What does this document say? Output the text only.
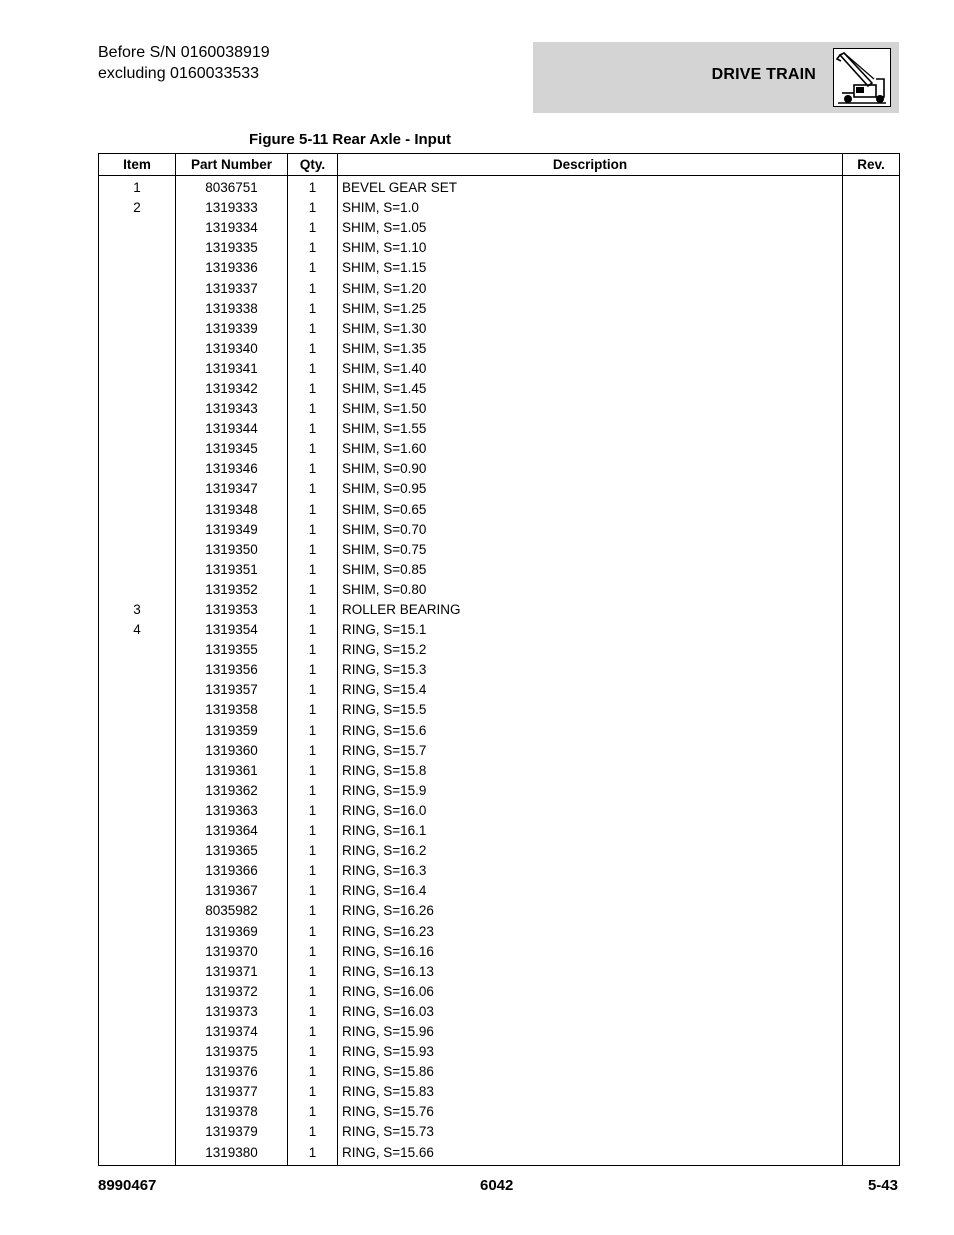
Before S/N 0160038919
excluding 0160033533	DRIVE TRAIN
Figure 5-11 Rear Axle - Input
Item	Part Number	Qty.	Description	Rev.
1	8036751	1	BEVEL GEAR SET	
2	1319333	1	SHIM, S=1.0	
	1319334	1	SHIM, S=1.05	
	1319335	1	SHIM, S=1.10	
	1319336	1	SHIM, S=1.15	
	1319337	1	SHIM, S=1.20	
	1319338	1	SHIM, S=1.25	
	1319339	1	SHIM, S=1.30	
	1319340	1	SHIM, S=1.35	
	1319341	1	SHIM, S=1.40	
	1319342	1	SHIM, S=1.45	
	1319343	1	SHIM, S=1.50	
	1319344	1	SHIM, S=1.55	
	1319345	1	SHIM, S=1.60	
	1319346	1	SHIM, S=0.90	
	1319347	1	SHIM, S=0.95	
	1319348	1	SHIM, S=0.65	
	1319349	1	SHIM, S=0.70	
	1319350	1	SHIM, S=0.75	
	1319351	1	SHIM, S=0.85	
	1319352	1	SHIM, S=0.80	
3	1319353	1	ROLLER BEARING	
4	1319354	1	RING, S=15.1	
	1319355	1	RING, S=15.2	
	1319356	1	RING, S=15.3	
	1319357	1	RING, S=15.4	
	1319358	1	RING, S=15.5	
	1319359	1	RING, S=15.6	
	1319360	1	RING, S=15.7	
	1319361	1	RING, S=15.8	
	1319362	1	RING, S=15.9	
	1319363	1	RING, S=16.0	
	1319364	1	RING, S=16.1	
	1319365	1	RING, S=16.2	
	1319366	1	RING, S=16.3	
	1319367	1	RING, S=16.4	
	8035982	1	RING, S=16.26	
	1319369	1	RING, S=16.23	
	1319370	1	RING, S=16.16	
	1319371	1	RING, S=16.13	
	1319372	1	RING, S=16.06	
	1319373	1	RING, S=16.03	
	1319374	1	RING, S=15.96	
	1319375	1	RING, S=15.93	
	1319376	1	RING, S=15.86	
	1319377	1	RING, S=15.83	
	1319378	1	RING, S=15.76	
	1319379	1	RING, S=15.73	
	1319380	1	RING, S=15.66	
8990467	6042	5-43
